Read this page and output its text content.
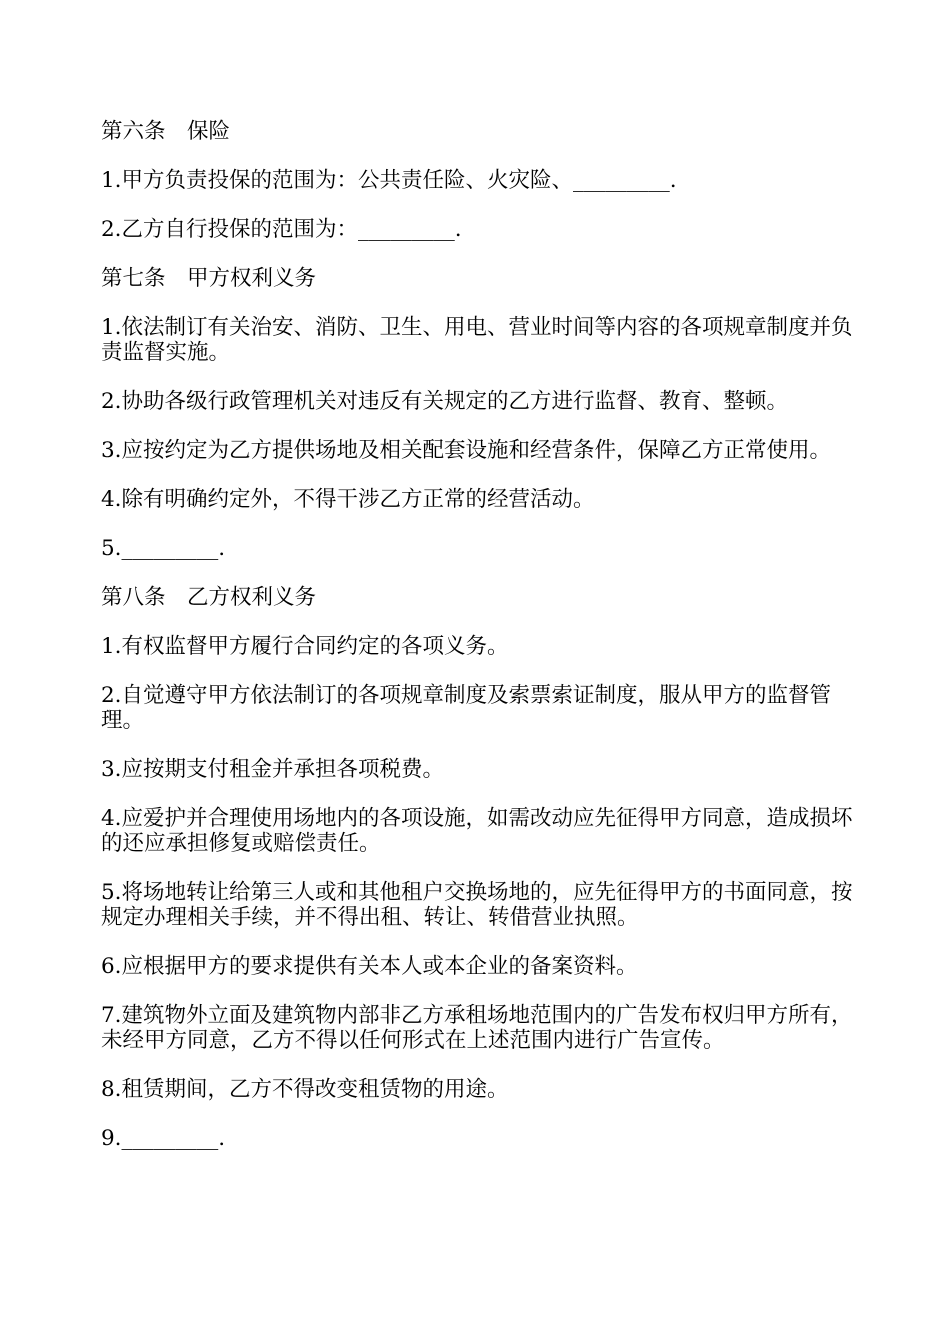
第六条　保险

1.甲方负责投保的范围为：公共责任险、火灾险、_________.

2.乙方自行投保的范围为：_________.

第七条　甲方权利义务

1.依法制订有关治安、消防、卫生、用电、营业时间等内容的各项规章制度并负责监督实施。

2.协助各级行政管理机关对违反有关规定的乙方进行监督、教育、整顿。

3.应按约定为乙方提供场地及相关配套设施和经营条件，保障乙方正常使用。

4.除有明确约定外，不得干涉乙方正常的经营活动。

5._________.

第八条　乙方权利义务

1.有权监督甲方履行合同约定的各项义务。

2.自觉遵守甲方依法制订的各项规章制度及索票索证制度，服从甲方的监督管理。

3.应按期支付租金并承担各项税费。

4.应爱护并合理使用场地内的各项设施，如需改动应先征得甲方同意，造成损坏的还应承担修复或赔偿责任。

5.将场地转让给第三人或和其他租户交换场地的，应先征得甲方的书面同意，按规定办理相关手续，并不得出租、转让、转借营业执照。

6.应根据甲方的要求提供有关本人或本企业的备案资料。

7.建筑物外立面及建筑物内部非乙方承租场地范围内的广告发布权归甲方所有，未经甲方同意，乙方不得以任何形式在上述范围内进行广告宣传。

8.租赁期间，乙方不得改变租赁物的用途。

9._________.
